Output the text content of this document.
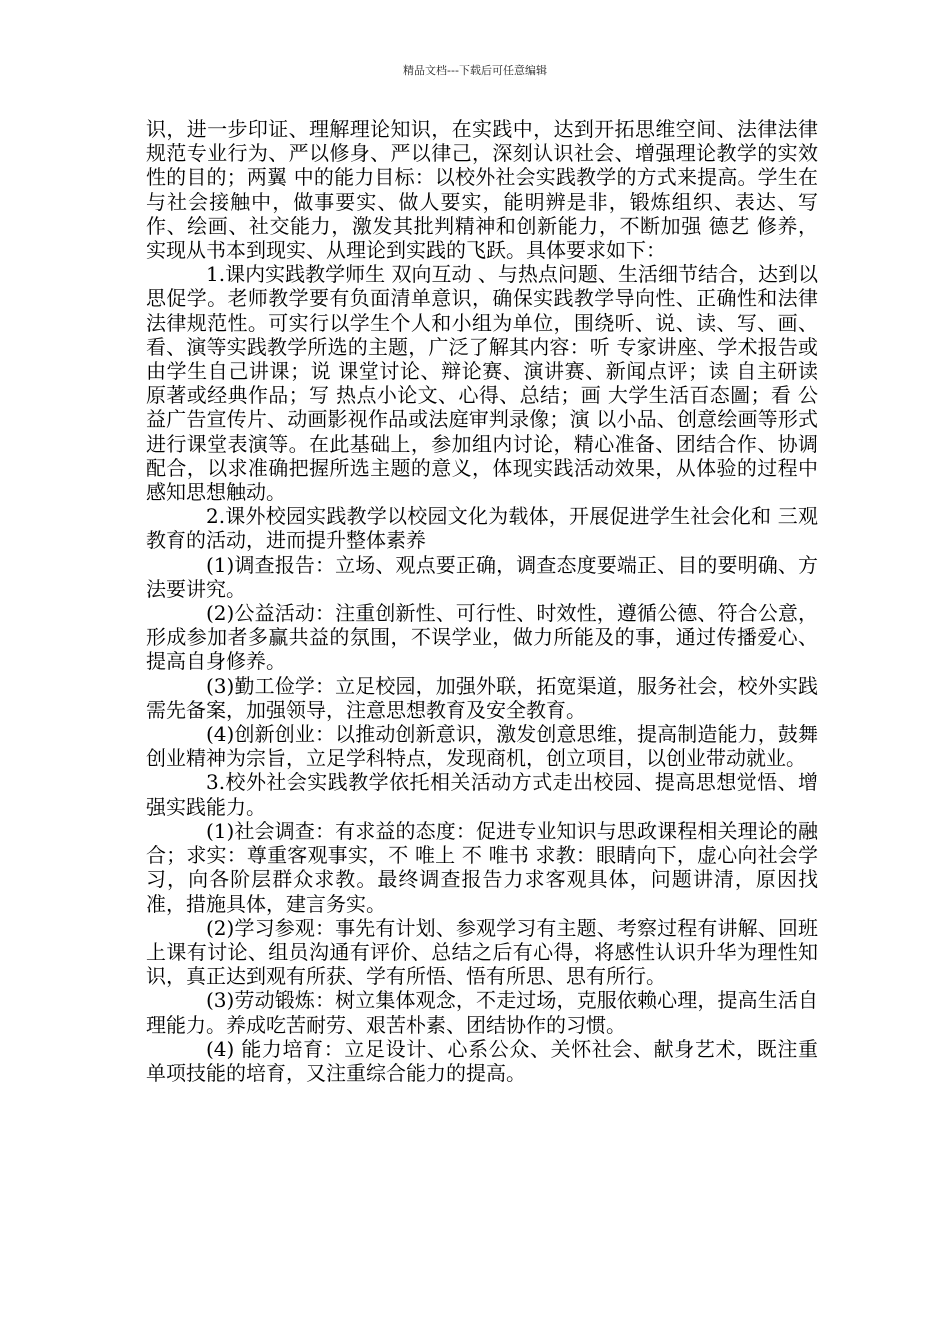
精品文档---下载后可任意编辑

识，进一步印证、理解理论知识，在实践中，达到开拓思维空间、法律法律规范专业行为、严以修身、严以律己，深刻认识社会、增强理论教学的实效性的目的；两翼 中的能力目标：以校外社会实践教学的方式来提高。学生在与社会接触中，做事要实、做人要实，能明辨是非，锻炼组织、表达、写作、绘画、社交能力，激发其批判精神和创新能力，不断加强 德艺 修养，实现从书本到现实、从理论到实践的飞跃。具体要求如下：

1.课内实践教学师生 双向互动 、与热点问题、生活细节结合，达到以思促学。老师教学要有负面清单意识，确保实践教学导向性、正确性和法律法律规范性。可实行以学生个人和小组为单位，围绕听、说、读、写、画、看、演等实践教学所选的主题，广泛了解其内容：听 专家讲座、学术报告或由学生自己讲课；说 课堂讨论、辩论赛、演讲赛、新闻点评；读 自主研读原著或经典作品；写 热点小论文、心得、总结；画 大学生活百态圖；看 公益广告宣传片、动画影视作品或法庭审判录像；演 以小品、创意绘画等形式进行课堂表演等。在此基础上，参加组内讨论，精心准备、团结合作、协调配合，以求准确把握所选主题的意义，体现实践活动效果，从体验的过程中感知思想触动。

2.课外校园实践教学以校园文化为载体，开展促进学生社会化和 三观 教育的活动，进而提升整体素养

(1)调查报告：立场、观点要正确，调查态度要端正、目的要明确、方法要讲究。

(2)公益活动：注重创新性、可行性、时效性，遵循公德、符合公意，形成参加者多赢共益的氛围，不误学业，做力所能及的事，通过传播爱心、提高自身修养。

(3)勤工俭学：立足校园，加强外联，拓宽渠道，服务社会，校外实践需先备案，加强领导，注意思想教育及安全教育。

(4)创新创业：以推动创新意识，激发创意思维，提高制造能力，鼓舞创业精神为宗旨，立足学科特点，发现商机，创立项目，以创业带动就业。

3.校外社会实践教学依托相关活动方式走出校园、提高思想觉悟、增强实践能力。

(1)社会调查：有求益的态度：促进专业知识与思政课程相关理论的融合；求实：尊重客观事实，不 唯上 不 唯书 求教：眼睛向下，虚心向社会学习，向各阶层群众求教。最终调查报告力求客观具体，问题讲清，原因找准，措施具体，建言务实。

(2)学习参观：事先有计划、参观学习有主题、考察过程有讲解、回班上课有讨论、组员沟通有评价、总结之后有心得，将感性认识升华为理性知识，真正达到观有所获、学有所悟、悟有所思、思有所行。

(3)劳动锻炼：树立集体观念，不走过场，克服依赖心理，提高生活自理能力。养成吃苦耐劳、艰苦朴素、团结协作的习惯。

(4) 能力培育：立足设计、心系公众、关怀社会、献身艺术，既注重单项技能的培育，又注重综合能力的提高。
